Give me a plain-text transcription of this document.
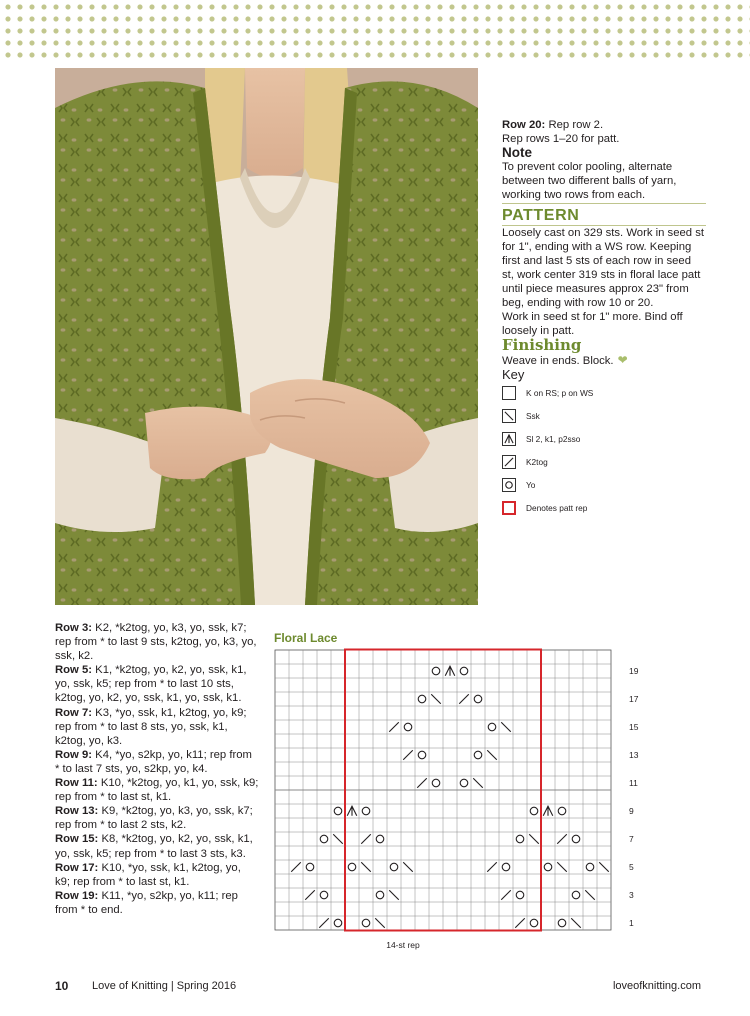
Row 20: Rep row 2.

Rep rows 1–20 for patt.

Note

To prevent color pooling, alternate between two different balls of yarn, working two rows from each.

PATTERN

Loosely cast on 329 sts. Work in seed st for 1", ending with a WS row. Keeping first and last 5 sts of each row in seed st, work center 319 sts in floral lace patt until piece measures approx 23" from beg, ending with row 10 or 20.

Work in seed st for 1" more. Bind off loosely in patt.

Finishing

Weave in ends. Block. ❤

Key

K on RS; p on WS
Ssk
Sl 2, k1, p2sso
K2tog
Yo
Denotes patt rep

Row 3: K2, *k2tog, yo, k3, yo, ssk, k7; rep from * to last 9 sts, k2tog, yo, k3, yo, ssk, k2.

Row 5: K1, *k2tog, yo, k2, yo, ssk, k1, yo, ssk, k5; rep from * to last 10 sts, k2tog, yo, k2, yo, ssk, k1, yo, ssk, k1.

Row 7: K3, *yo, ssk, k1, k2tog, yo, k9; rep from * to last 8 sts, yo, ssk, k1, k2tog, yo, k3.

Row 9: K4, *yo, s2kp, yo, k11; rep from * to last 7 sts, yo, s2kp, yo, k4.

Row 11: K10, *k2tog, yo, k1, yo, ssk, k9; rep from * to last st, k1.

Row 13: K9, *k2tog, yo, k3, yo, ssk, k7; rep from * to last 2 sts, k2.

Row 15: K8, *k2tog, yo, k2, yo, ssk, k1, yo, ssk, k5; rep from * to last 3 sts, k3.

Row 17: K10, *yo, ssk, k1, k2tog, yo, k9; rep from * to last st, k1.

Row 19: K11, *yo, s2kp, yo, k11; rep from * to end.

Floral Lace
19
17
15
13
11
9
7
5
3
1
14-st rep
10 Love of Knitting | Spring 2016	loveofknitting.com
